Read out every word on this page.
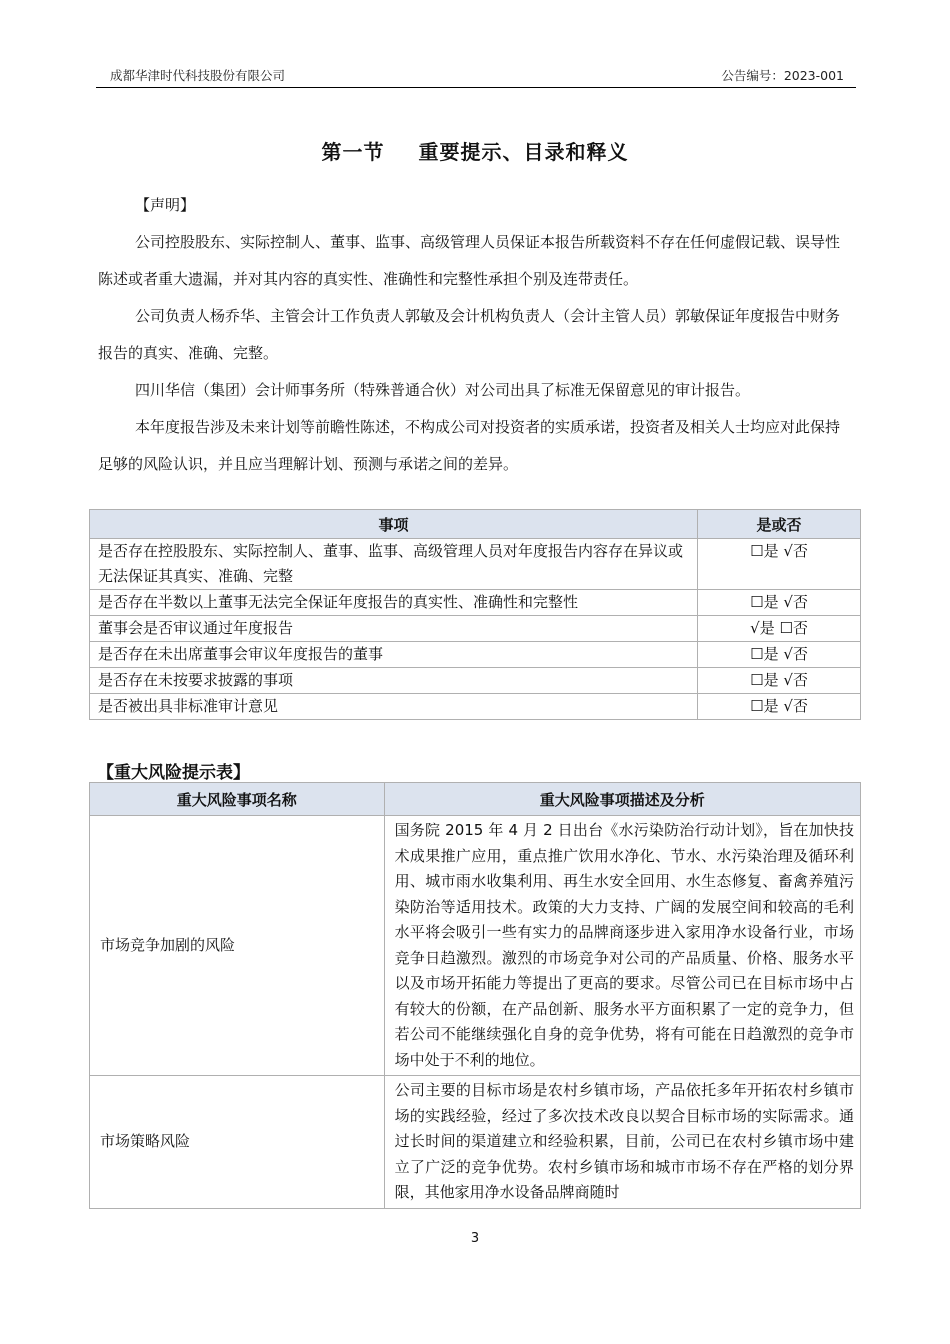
成都华津时代科技股份有限公司	公告编号：2023-001
第一节 重要提示、目录和释义
【声明】
公司控股股东、实际控制人、董事、监事、高级管理人员保证本报告所载资料不存在任何虚假记载、误导性陈述或者重大遗漏，并对其内容的真实性、准确性和完整性承担个别及连带责任。
公司负责人杨乔华、主管会计工作负责人郭敏及会计机构负责人（会计主管人员）郭敏保证年度报告中财务报告的真实、准确、完整。
四川华信（集团）会计师事务所（特殊普通合伙）对公司出具了标准无保留意见的审计报告。
本年度报告涉及未来计划等前瞻性陈述，不构成公司对投资者的实质承诺，投资者及相关人士均应对此保持足够的风险认识，并且应当理解计划、预测与承诺之间的差异。
事项	是或否
是否存在控股股东、实际控制人、董事、监事、高级管理人员对年度报告内容存在异议或无法保证其真实、准确、完整	☐是 √否
是否存在半数以上董事无法完全保证年度报告的真实性、准确性和完整性	☐是 √否
董事会是否审议通过年度报告	√是 ☐否
是否存在未出席董事会审议年度报告的董事	☐是 √否
是否存在未按要求披露的事项	☐是 √否
是否被出具非标准审计意见	☐是 √否
【重大风险提示表】
重大风险事项名称	重大风险事项描述及分析
市场竞争加剧的风险	国务院 2015 年 4 月 2 日出台《水污染防治行动计划》，旨在加快技术成果推广应用，重点推广饮用水净化、节水、水污染治理及循环利用、城市雨水收集利用、再生水安全回用、水生态修复、畜禽养殖污染防治等适用技术。政策的大力支持、广阔的发展空间和较高的毛利水平将会吸引一些有实力的品牌商逐步进入家用净水设备行业，市场竞争日趋激烈。激烈的市场竞争对公司的产品质量、价格、服务水平以及市场开拓能力等提出了更高的要求。尽管公司已在目标市场中占有较大的份额，在产品创新、服务水平方面积累了一定的竞争力，但若公司不能继续强化自身的竞争优势，将有可能在日趋激烈的竞争市场中处于不利的地位。
市场策略风险	公司主要的目标市场是农村乡镇市场，产品依托多年开拓农村乡镇市场的实践经验，经过了多次技术改良以契合目标市场的实际需求。通过长时间的渠道建立和经验积累，目前，公司已在农村乡镇市场中建立了广泛的竞争优势。农村乡镇市场和城市市场不存在严格的划分界限，其他家用净水设备品牌商随时
3
